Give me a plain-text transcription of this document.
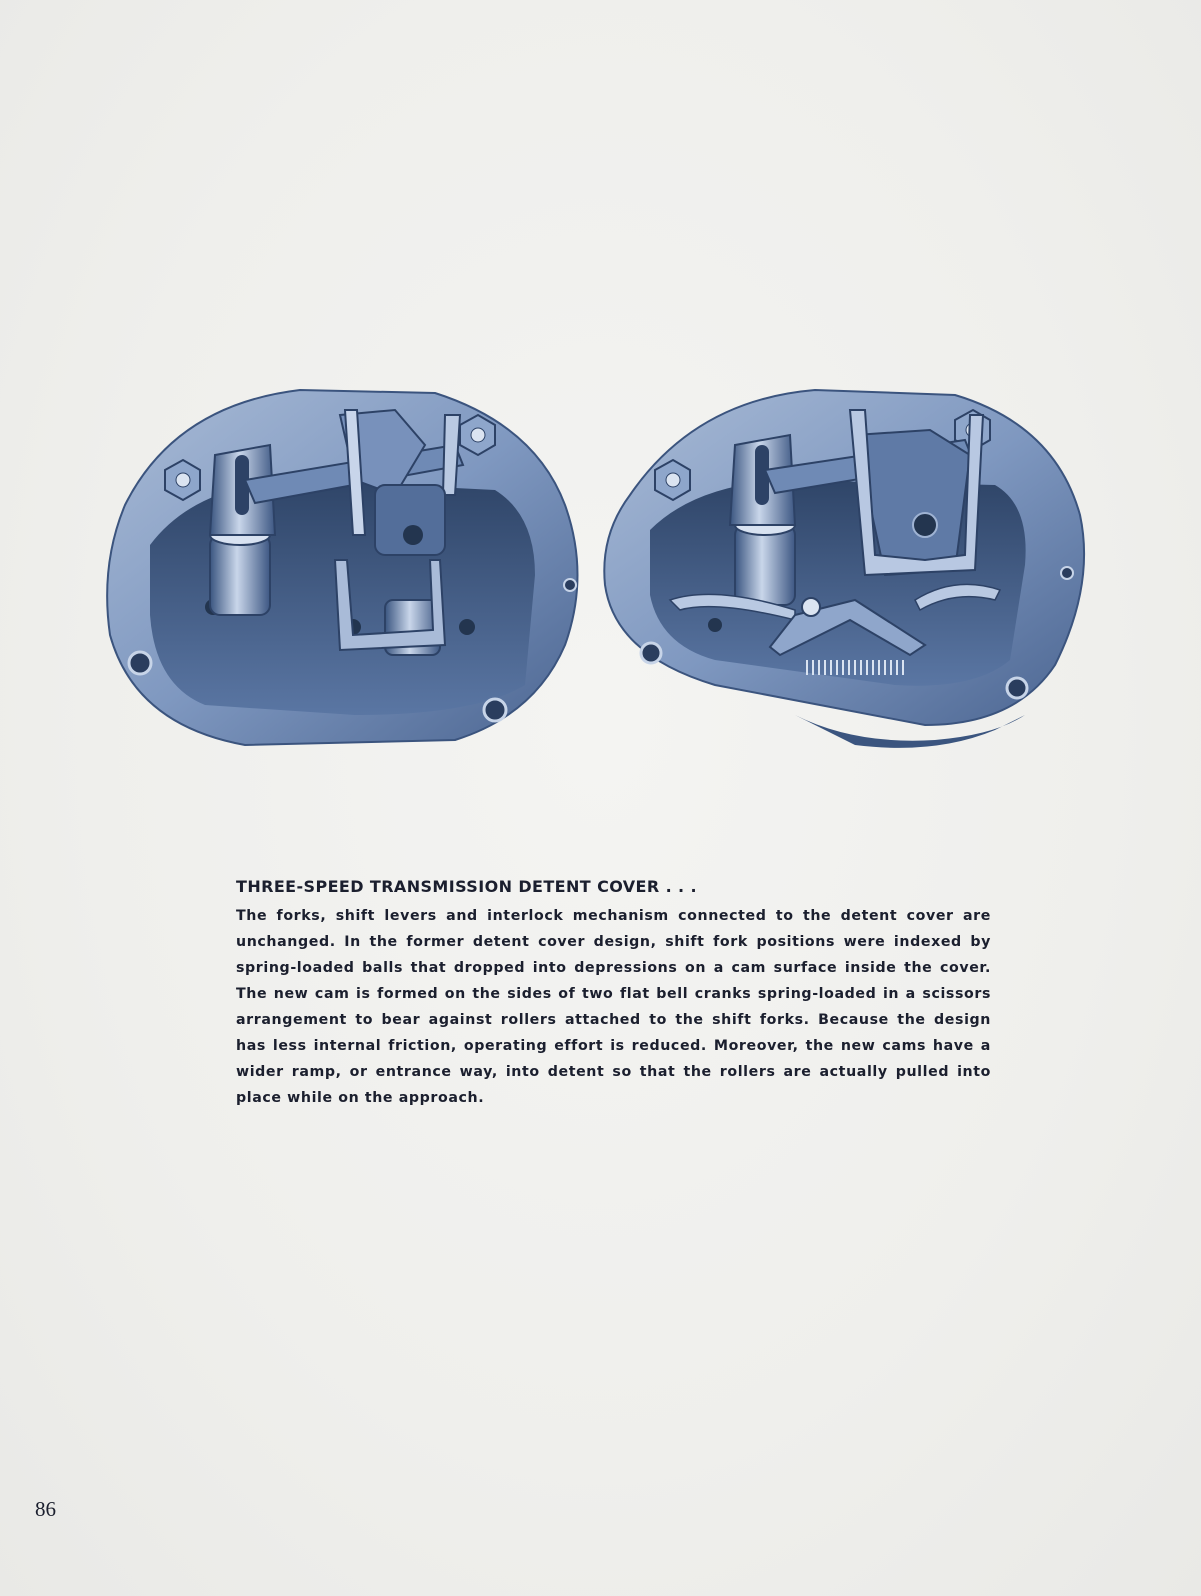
THREE-SPEED TRANSMISSION DETENT COVER . . .

The forks, shift levers and interlock mechanism connected to the detent cover are unchanged. In the former detent cover design, shift fork positions were indexed by spring-loaded balls that dropped into depressions on a cam surface inside the cover. The new cam is formed on the sides of two flat bell cranks spring-loaded in a scissors arrangement to bear against rollers attached to the shift forks. Because the design has less internal friction, operating effort is reduced. Moreover, the new cams have a wider ramp, or entrance way, into detent so that the rollers are actually pulled into place while on the approach.

86
